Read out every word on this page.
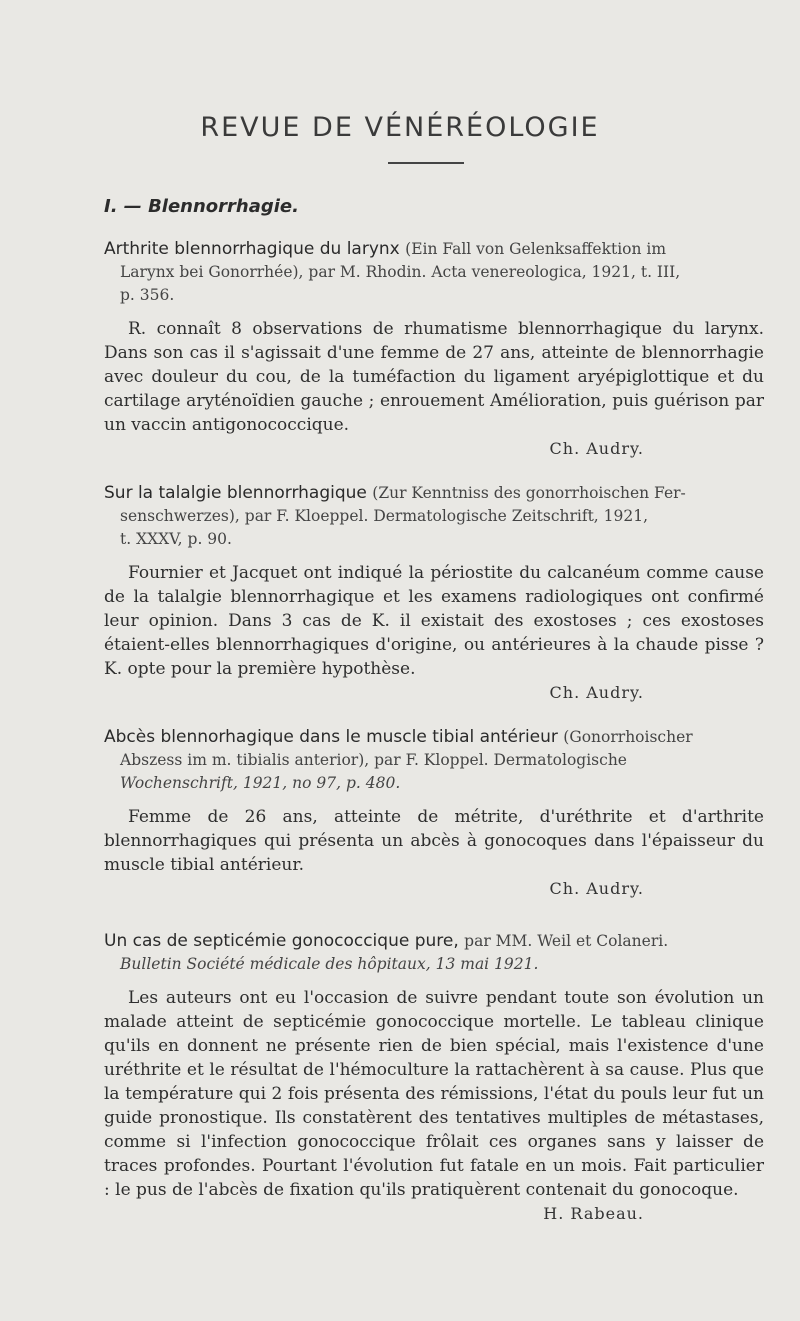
REVUE DE VÉNÉRÉOLOGIE
I. — Blennorrhagie.

Arthrite blennorrhagique du larynx (Ein Fall von Gelenksaffektion im
Larynx bei Gonorrhée), par M. Rhodin. Acta venereologica, 1921, t. III,
p. 356.

R. connaît 8 observations de rhumatisme blennorrhagique du larynx. Dans son cas il s'agissait d'une femme de 27 ans, atteinte de blennorrhagie avec douleur du cou, de la tuméfaction du ligament aryépiglottique et du cartilage aryténoïdien gauche ; enrouement Amélioration, puis guérison par un vaccin antigonococcique.

Ch. Audry.

Sur la talalgie blennorrhagique (Zur Kenntniss des gonorrhoischen Fer-
senschwerzes), par F. Kloeppel. Dermatologische Zeitschrift, 1921,
t. XXXV, p. 90.

Fournier et Jacquet ont indiqué la périostite du calcanéum comme cause de la talalgie blennorrhagique et les examens radiologiques ont confirmé leur opinion. Dans 3 cas de K. il existait des exostoses ; ces exostoses étaient-elles blennorrhagiques d'origine, ou antérieures à la chaude pisse ? K. opte pour la première hypothèse.

Ch. Audry.

Abcès blennorhagique dans le muscle tibial antérieur (Gonorrhoischer
Abszess im m. tibialis anterior), par F. Kloppel. Dermatologische
Wochenschrift, 1921, no 97, p. 480.

Femme de 26 ans, atteinte de métrite, d'uréthrite et d'arthrite blennorrhagiques qui présenta un abcès à gonocoques dans l'épaisseur du muscle tibial antérieur.

Ch. Audry.

Un cas de septicémie gonococcique pure, par MM. Weil et Colaneri.
Bulletin Société médicale des hôpitaux, 13 mai 1921.

Les auteurs ont eu l'occasion de suivre pendant toute son évolution un malade atteint de septicémie gonococcique mortelle. Le tableau clinique qu'ils en donnent ne présente rien de bien spécial, mais l'existence d'une uréthrite et le résultat de l'hémoculture la rattachèrent à sa cause. Plus que la température qui 2 fois présenta des rémissions, l'état du pouls leur fut un guide pronostique. Ils constatèrent des tentatives multiples de métastases, comme si l'infection gonococcique frôlait ces organes sans y laisser de traces profondes. Pourtant l'évolution fut fatale en un mois. Fait particulier : le pus de l'abcès de fixation qu'ils pratiquèrent contenait du gonocoque.

H. Rabeau.
